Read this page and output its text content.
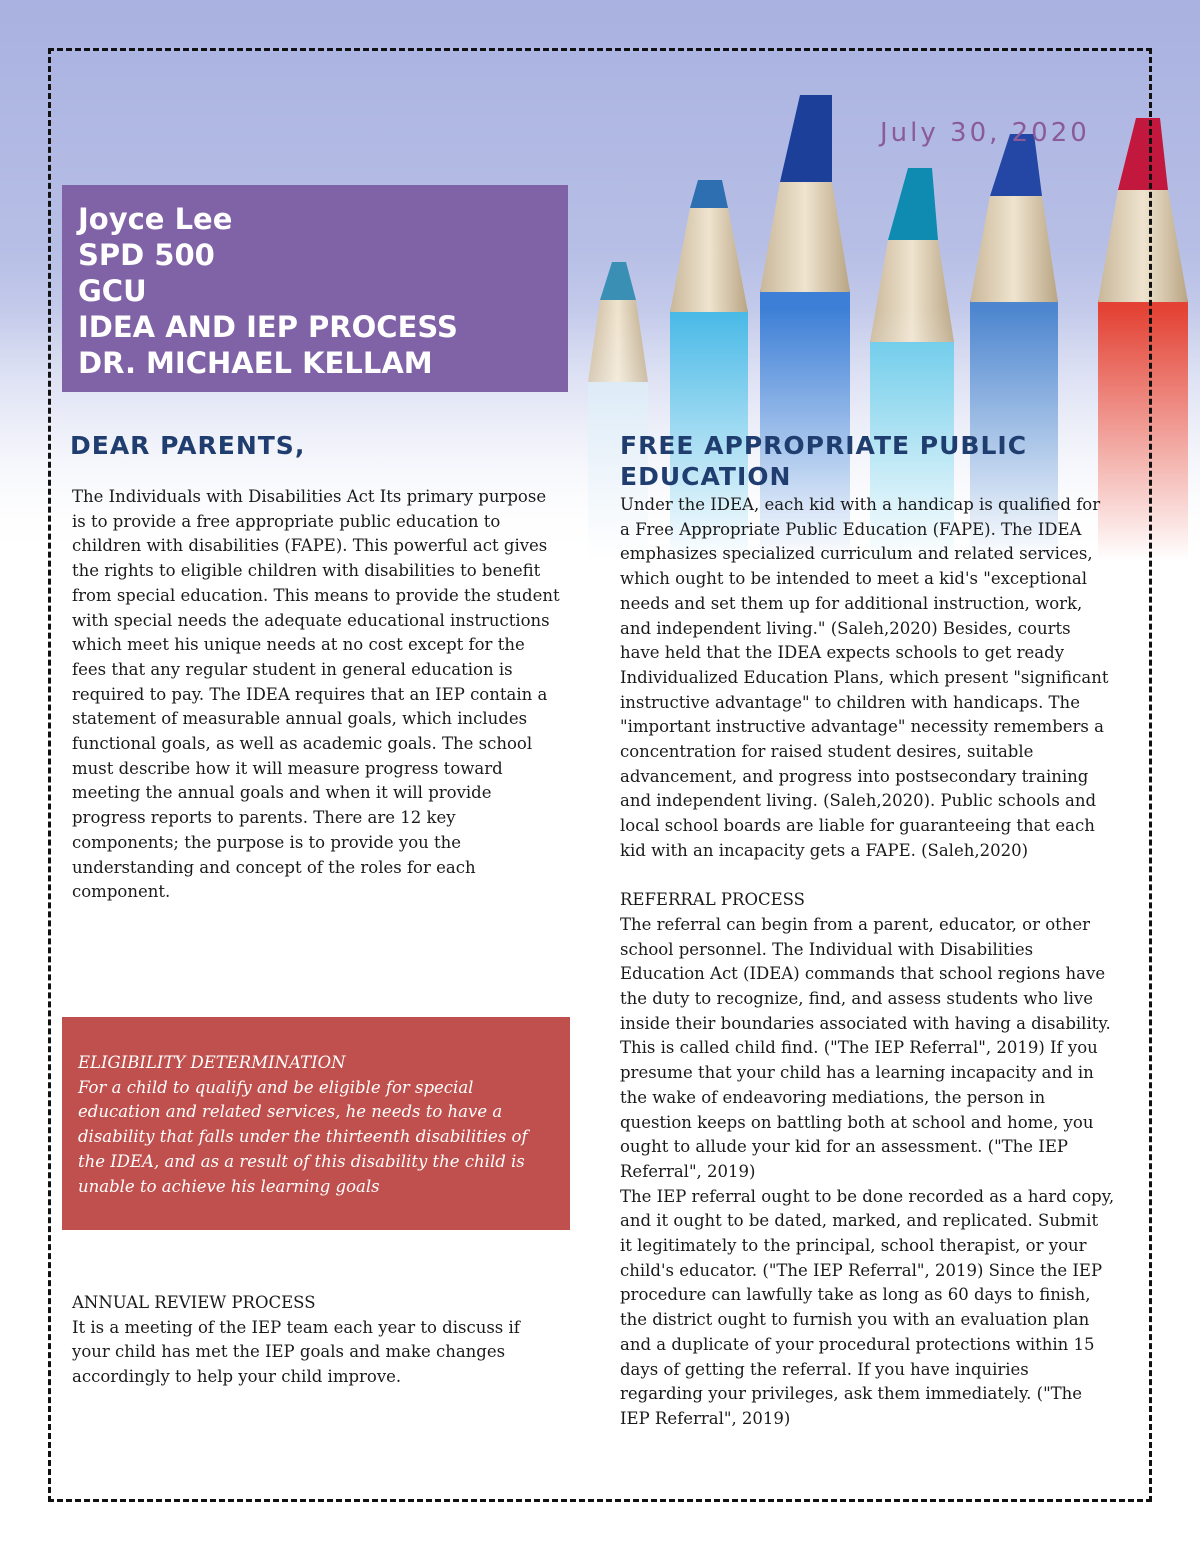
July 30, 2020
Joyce Lee
SPD 500
GCU
IDEA AND IEP PROCESS
DR. MICHAEL KELLAM
DEAR PARENTS,

The Individuals with Disabilities Act Its primary purpose is to provide a free appropriate public education to children with disabilities (FAPE). This powerful act gives the rights to eligible children with disabilities to benefit from special education. This means to provide the student with special needs the adequate educational instructions which meet his unique needs at no cost except for the fees that any regular student in general education is required to pay. The IDEA requires that an IEP contain a statement of measurable annual goals, which includes functional goals, as well as academic goals. The school must describe how it will measure progress toward meeting the annual goals and when it will provide progress reports to parents. There are 12 key components; the purpose is to provide you the understanding and concept of the roles for each component.

ELIGIBILITY DETERMINATION

For a child to qualify and be eligible for special education and related services, he needs to have a disability that falls under the thirteenth disabilities of the IDEA, and as a result of this disability the child is unable to achieve his learning goals

ANNUAL REVIEW PROCESS

It is a meeting of the IEP team each year to discuss if your child has met the IEP goals and make changes accordingly to help your child improve.

FREE APPROPRIATE PUBLIC EDUCATION

Under the IDEA, each kid with a handicap is qualified for a Free Appropriate Public Education (FAPE). The IDEA emphasizes specialized curriculum and related services, which ought to be intended to meet a kid's "exceptional needs and set them up for additional instruction, work, and independent living." (Saleh,2020) Besides, courts have held that the IDEA expects schools to get ready Individualized Education Plans, which present "significant instructive advantage" to children with handicaps. The "important instructive advantage" necessity remembers a concentration for raised student desires, suitable advancement, and progress into postsecondary training and independent living. (Saleh,2020). Public schools and local school boards are liable for guaranteeing that each kid with an incapacity gets a FAPE. (Saleh,2020)

REFERRAL PROCESS

The referral can begin from a parent, educator, or other school personnel. The Individual with Disabilities Education Act (IDEA) commands that school regions have the duty to recognize, find, and assess students who live inside their boundaries associated with having a disability. This is called child find. ("The IEP Referral", 2019) If you presume that your child has a learning incapacity and in the wake of endeavoring mediations, the person in question keeps on battling both at school and home, you ought to allude your kid for an assessment. ("The IEP Referral", 2019)

The IEP referral ought to be done recorded as a hard copy, and it ought to be dated, marked, and replicated. Submit it legitimately to the principal, school therapist, or your child's educator. ("The IEP Referral", 2019) Since the IEP procedure can lawfully take as long as 60 days to finish, the district ought to furnish you with an evaluation plan and a duplicate of your procedural protections within 15 days of getting the referral. If you have inquiries regarding your privileges, ask them immediately. ("The IEP Referral", 2019)
